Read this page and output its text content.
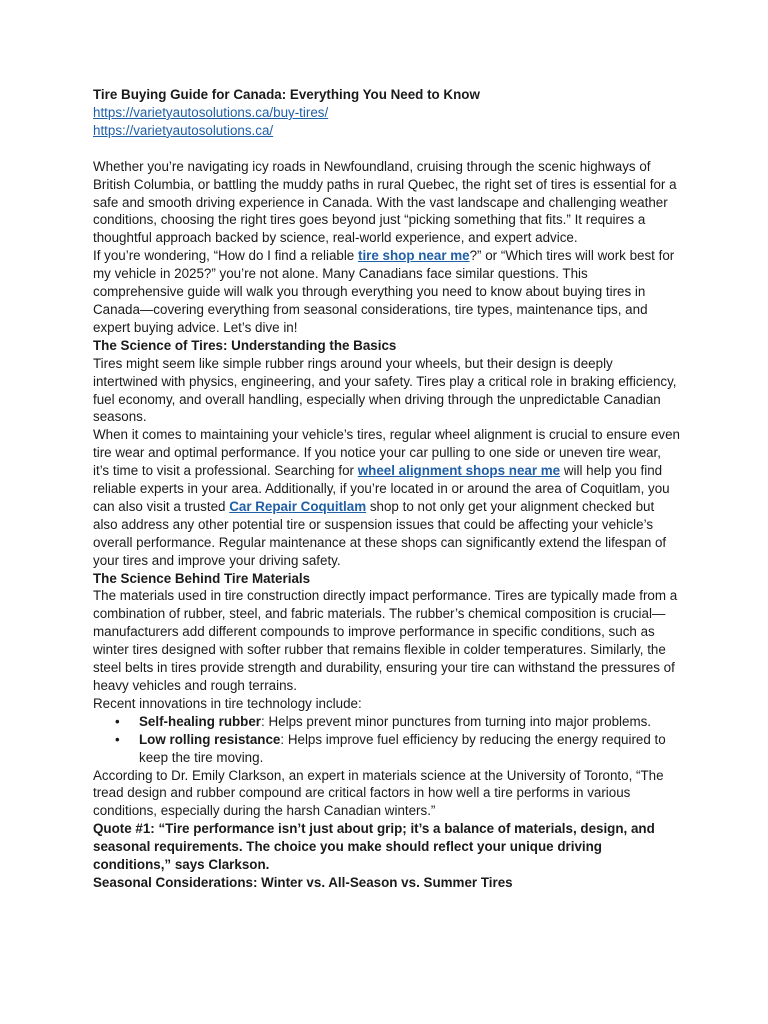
Tire Buying Guide for Canada: Everything You Need to Know

https://varietyautosolutions.ca/buy-tires/
https://varietyautosolutions.ca/

Whether you’re navigating icy roads in Newfoundland, cruising through the scenic highways of British Columbia, or battling the muddy paths in rural Quebec, the right set of tires is essential for a safe and smooth driving experience in Canada. With the vast landscape and challenging weather conditions, choosing the right tires goes beyond just “picking something that fits.” It requires a thoughtful approach backed by science, real-world experience, and expert advice.

If you’re wondering, “How do I find a reliable tire shop near me?” or “Which tires will work best for my vehicle in 2025?” you’re not alone. Many Canadians face similar questions. This comprehensive guide will walk you through everything you need to know about buying tires in Canada—covering everything from seasonal considerations, tire types, maintenance tips, and expert buying advice. Let’s dive in!

The Science of Tires: Understanding the Basics

Tires might seem like simple rubber rings around your wheels, but their design is deeply intertwined with physics, engineering, and your safety. Tires play a critical role in braking efficiency, fuel economy, and overall handling, especially when driving through the unpredictable Canadian seasons.

When it comes to maintaining your vehicle’s tires, regular wheel alignment is crucial to ensure even tire wear and optimal performance. If you notice your car pulling to one side or uneven tire wear, it’s time to visit a professional. Searching for wheel alignment shops near me will help you find reliable experts in your area. Additionally, if you’re located in or around the area of Coquitlam, you can also visit a trusted Car Repair Coquitlam shop to not only get your alignment checked but also address any other potential tire or suspension issues that could be affecting your vehicle’s overall performance. Regular maintenance at these shops can significantly extend the lifespan of your tires and improve your driving safety.

The Science Behind Tire Materials

The materials used in tire construction directly impact performance. Tires are typically made from a combination of rubber, steel, and fabric materials. The rubber’s chemical composition is crucial—manufacturers add different compounds to improve performance in specific conditions, such as winter tires designed with softer rubber that remains flexible in colder temperatures. Similarly, the steel belts in tires provide strength and durability, ensuring your tire can withstand the pressures of heavy vehicles and rough terrains.

Recent innovations in tire technology include:

• Self-healing rubber: Helps prevent minor punctures from turning into major problems.
• Low rolling resistance: Helps improve fuel efficiency by reducing the energy required to keep the tire moving.

According to Dr. Emily Clarkson, an expert in materials science at the University of Toronto, “The tread design and rubber compound are critical factors in how well a tire performs in various conditions, especially during the harsh Canadian winters.”

Quote #1: “Tire performance isn’t just about grip; it’s a balance of materials, design, and seasonal requirements. The choice you make should reflect your unique driving conditions,” says Clarkson.

Seasonal Considerations: Winter vs. All-Season vs. Summer Tires
